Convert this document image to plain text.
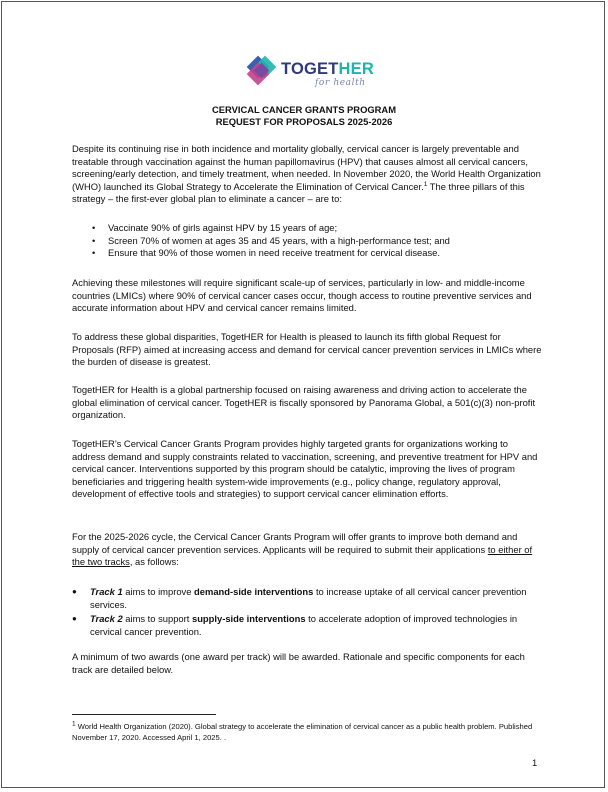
TOGETHER
for health
CERVICAL CANCER GRANTS PROGRAM
REQUEST FOR PROPOSALS 2025-2026

Despite its continuing rise in both incidence and mortality globally, cervical cancer is largely preventable and treatable through vaccination against the human papillomavirus (HPV) that causes almost all cervical cancers, screening/early detection, and timely treatment, when needed. In November 2020, the World Health Organization (WHO) launched its Global Strategy to Accelerate the Elimination of Cervical Cancer.$^1$ The three pillars of this strategy – the first-ever global plan to eliminate a cancer – are to:

• Vaccinate 90% of girls against HPV by 15 years of age;
• Screen 70% of women at ages 35 and 45 years, with a high-performance test; and
• Ensure that 90% of those women in need receive treatment for cervical disease.
Achieving these milestones will require significant scale-up of services, particularly in low- and middle-income countries (LMICs) where 90% of cervical cancer cases occur, though access to routine preventive services and accurate information about HPV and cervical cancer remains limited.
To address these global disparities, TogetHER for Health is pleased to launch its fifth global Request for Proposals (RFP) aimed at increasing access and demand for cervical cancer prevention services in LMICs where the burden of disease is greatest.
TogetHER for Health is a global partnership focused on raising awareness and driving action to accelerate the global elimination of cervical cancer. TogetHER is fiscally sponsored by Panorama Global, a 501(c)(3) non-profit organization.
TogetHER’s Cervical Cancer Grants Program provides highly targeted grants for organizations working to address demand and supply constraints related to vaccination, screening, and preventive treatment for HPV and cervical cancer. Interventions supported by this program should be catalytic, improving the lives of program beneficiaries and triggering health system-wide improvements (e.g., policy change, regulatory approval, development of effective tools and strategies) to support cervical cancer elimination efforts.

For the 2025-2026 cycle, the Cervical Cancer Grants Program will offer grants to improve both demand and supply of cervical cancer prevention services. Applicants will be required to submit their applications to either of the two tracks, as follows:

● Track 1 aims to improve demand-side interventions to increase uptake of all cervical cancer prevention services.
● Track 2 aims to support supply-side interventions to accelerate adoption of improved technologies in cervical cancer prevention.
A minimum of two awards (one award per track) will be awarded. Rationale and specific components for each track are detailed below.
$^1$ World Health Organization (2020). Global strategy to accelerate the elimination of cervical cancer as a public health problem. Published November 17, 2020. Accessed April 1, 2025. .
1
